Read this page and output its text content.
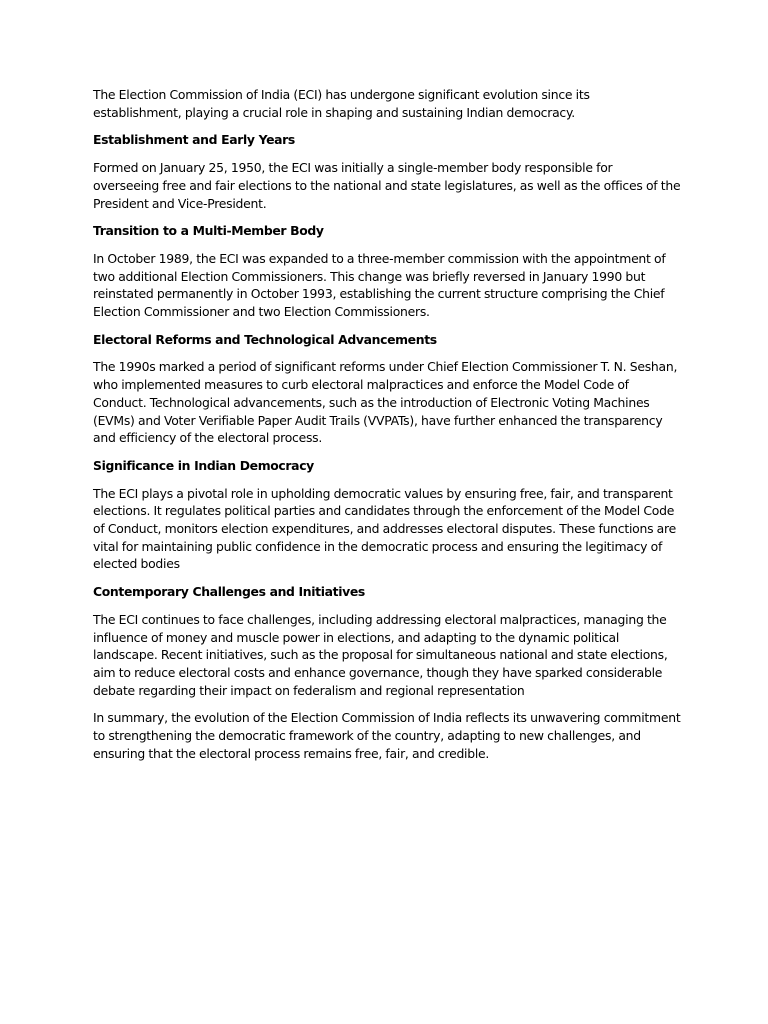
The Election Commission of India (ECI) has undergone significant evolution since its establishment, playing a crucial role in shaping and sustaining Indian democracy.

Establishment and Early Years

Formed on January 25, 1950, the ECI was initially a single-member body responsible for overseeing free and fair elections to the national and state legislatures, as well as the offices of the President and Vice-President.

Transition to a Multi-Member Body

In October 1989, the ECI was expanded to a three-member commission with the appointment of two additional Election Commissioners. This change was briefly reversed in January 1990 but reinstated permanently in October 1993, establishing the current structure comprising the Chief Election Commissioner and two Election Commissioners.

Electoral Reforms and Technological Advancements

The 1990s marked a period of significant reforms under Chief Election Commissioner T. N. Seshan, who implemented measures to curb electoral malpractices and enforce the Model Code of Conduct. Technological advancements, such as the introduction of Electronic Voting Machines (EVMs) and Voter Verifiable Paper Audit Trails (VVPATs), have further enhanced the transparency and efficiency of the electoral process.

Significance in Indian Democracy

The ECI plays a pivotal role in upholding democratic values by ensuring free, fair, and transparent elections. It regulates political parties and candidates through the enforcement of the Model Code of Conduct, monitors election expenditures, and addresses electoral disputes. These functions are vital for maintaining public confidence in the democratic process and ensuring the legitimacy of elected bodies

Contemporary Challenges and Initiatives

The ECI continues to face challenges, including addressing electoral malpractices, managing the influence of money and muscle power in elections, and adapting to the dynamic political landscape. Recent initiatives, such as the proposal for simultaneous national and state elections, aim to reduce electoral costs and enhance governance, though they have sparked considerable debate regarding their impact on federalism and regional representation

In summary, the evolution of the Election Commission of India reflects its unwavering commitment to strengthening the democratic framework of the country, adapting to new challenges, and ensuring that the electoral process remains free, fair, and credible.
